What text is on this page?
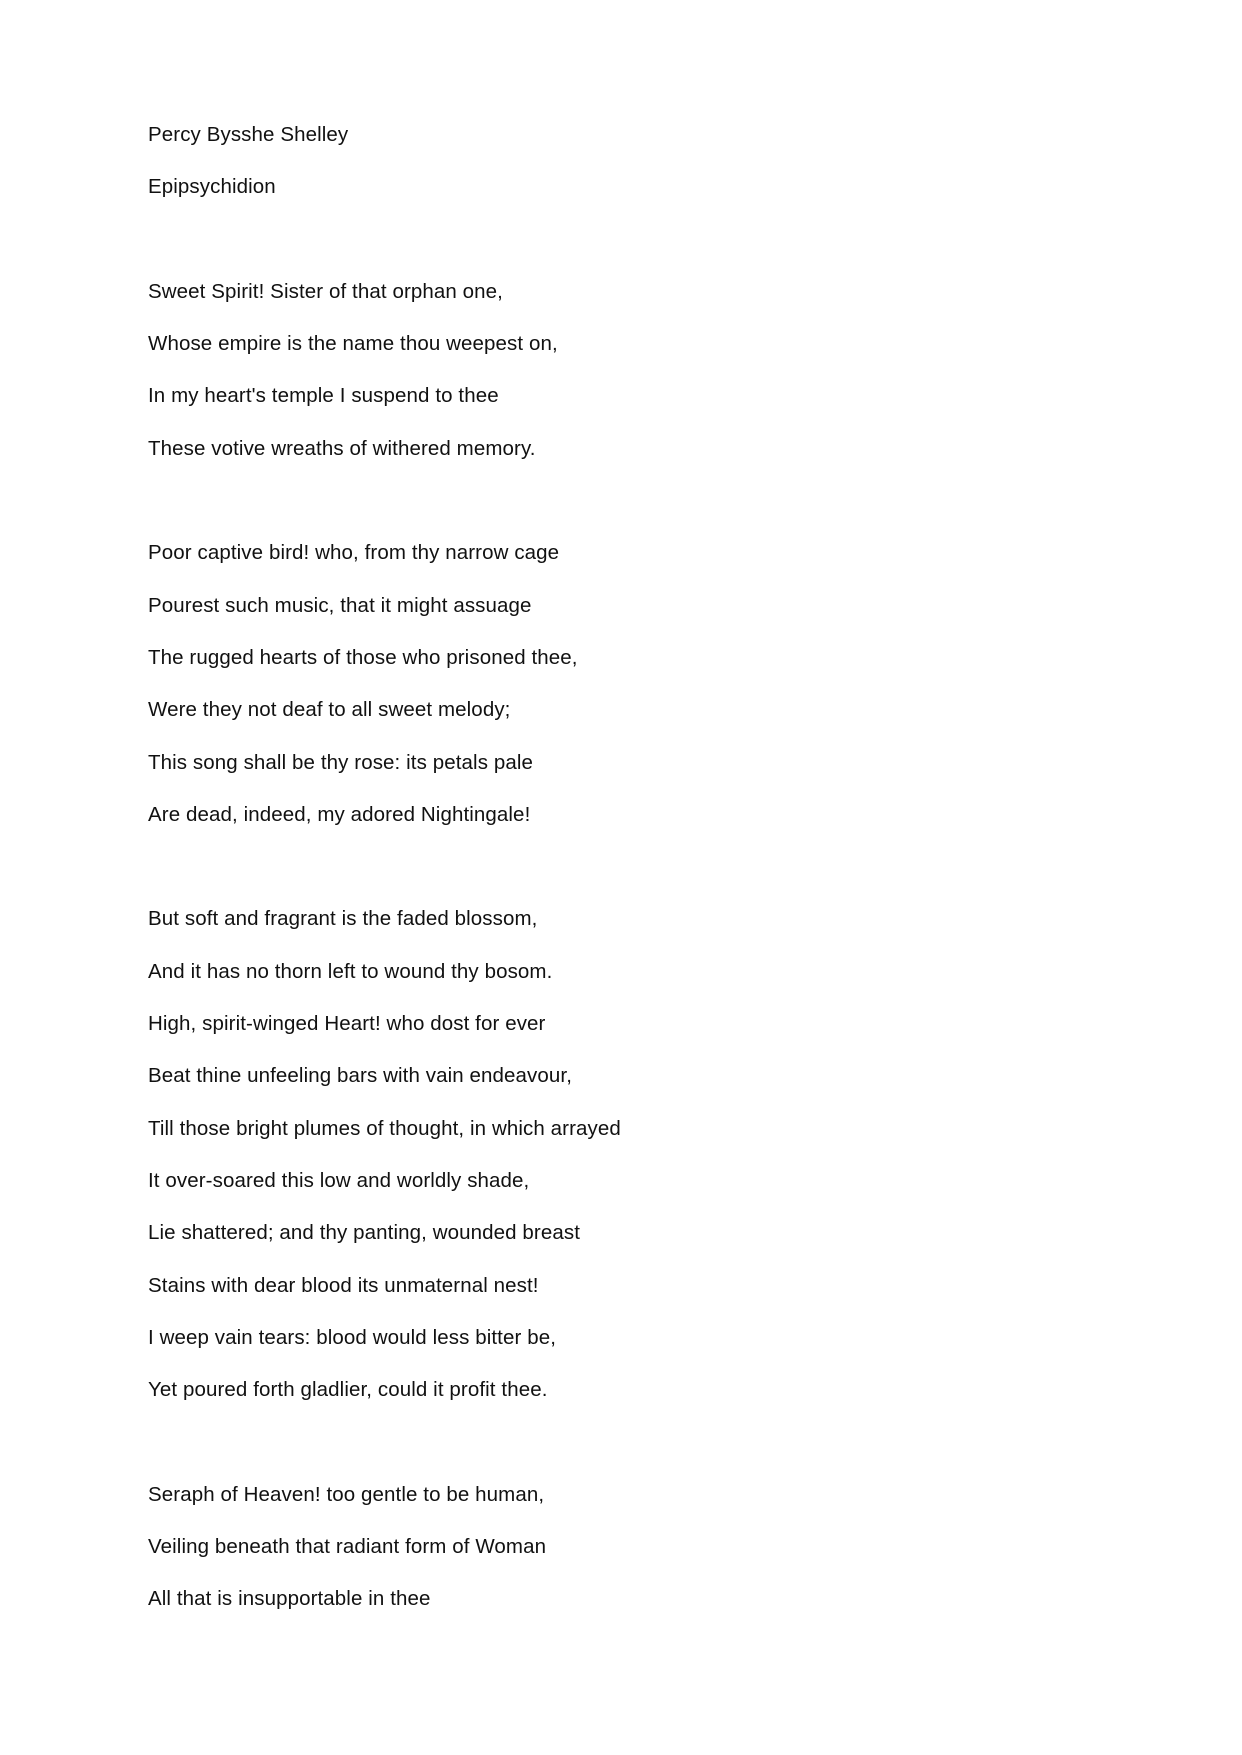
Percy Bysshe Shelley
Epipsychidion
Sweet Spirit! Sister of that orphan one,
Whose empire is the name thou weepest on,
In my heart's temple I suspend to thee
These votive wreaths of withered memory.
Poor captive bird! who, from thy narrow cage
Pourest such music, that it might assuage
The rugged hearts of those who prisoned thee,
Were they not deaf to all sweet melody;
This song shall be thy rose: its petals pale
Are dead, indeed, my adored Nightingale!
But soft and fragrant is the faded blossom,
And it has no thorn left to wound thy bosom.
High, spirit-winged Heart! who dost for ever
Beat thine unfeeling bars with vain endeavour,
Till those bright plumes of thought, in which arrayed
It over-soared this low and worldly shade,
Lie shattered; and thy panting, wounded breast
Stains with dear blood its unmaternal nest!
I weep vain tears: blood would less bitter be,
Yet poured forth gladlier, could it profit thee.
Seraph of Heaven! too gentle to be human,
Veiling beneath that radiant form of Woman
All that is insupportable in thee
